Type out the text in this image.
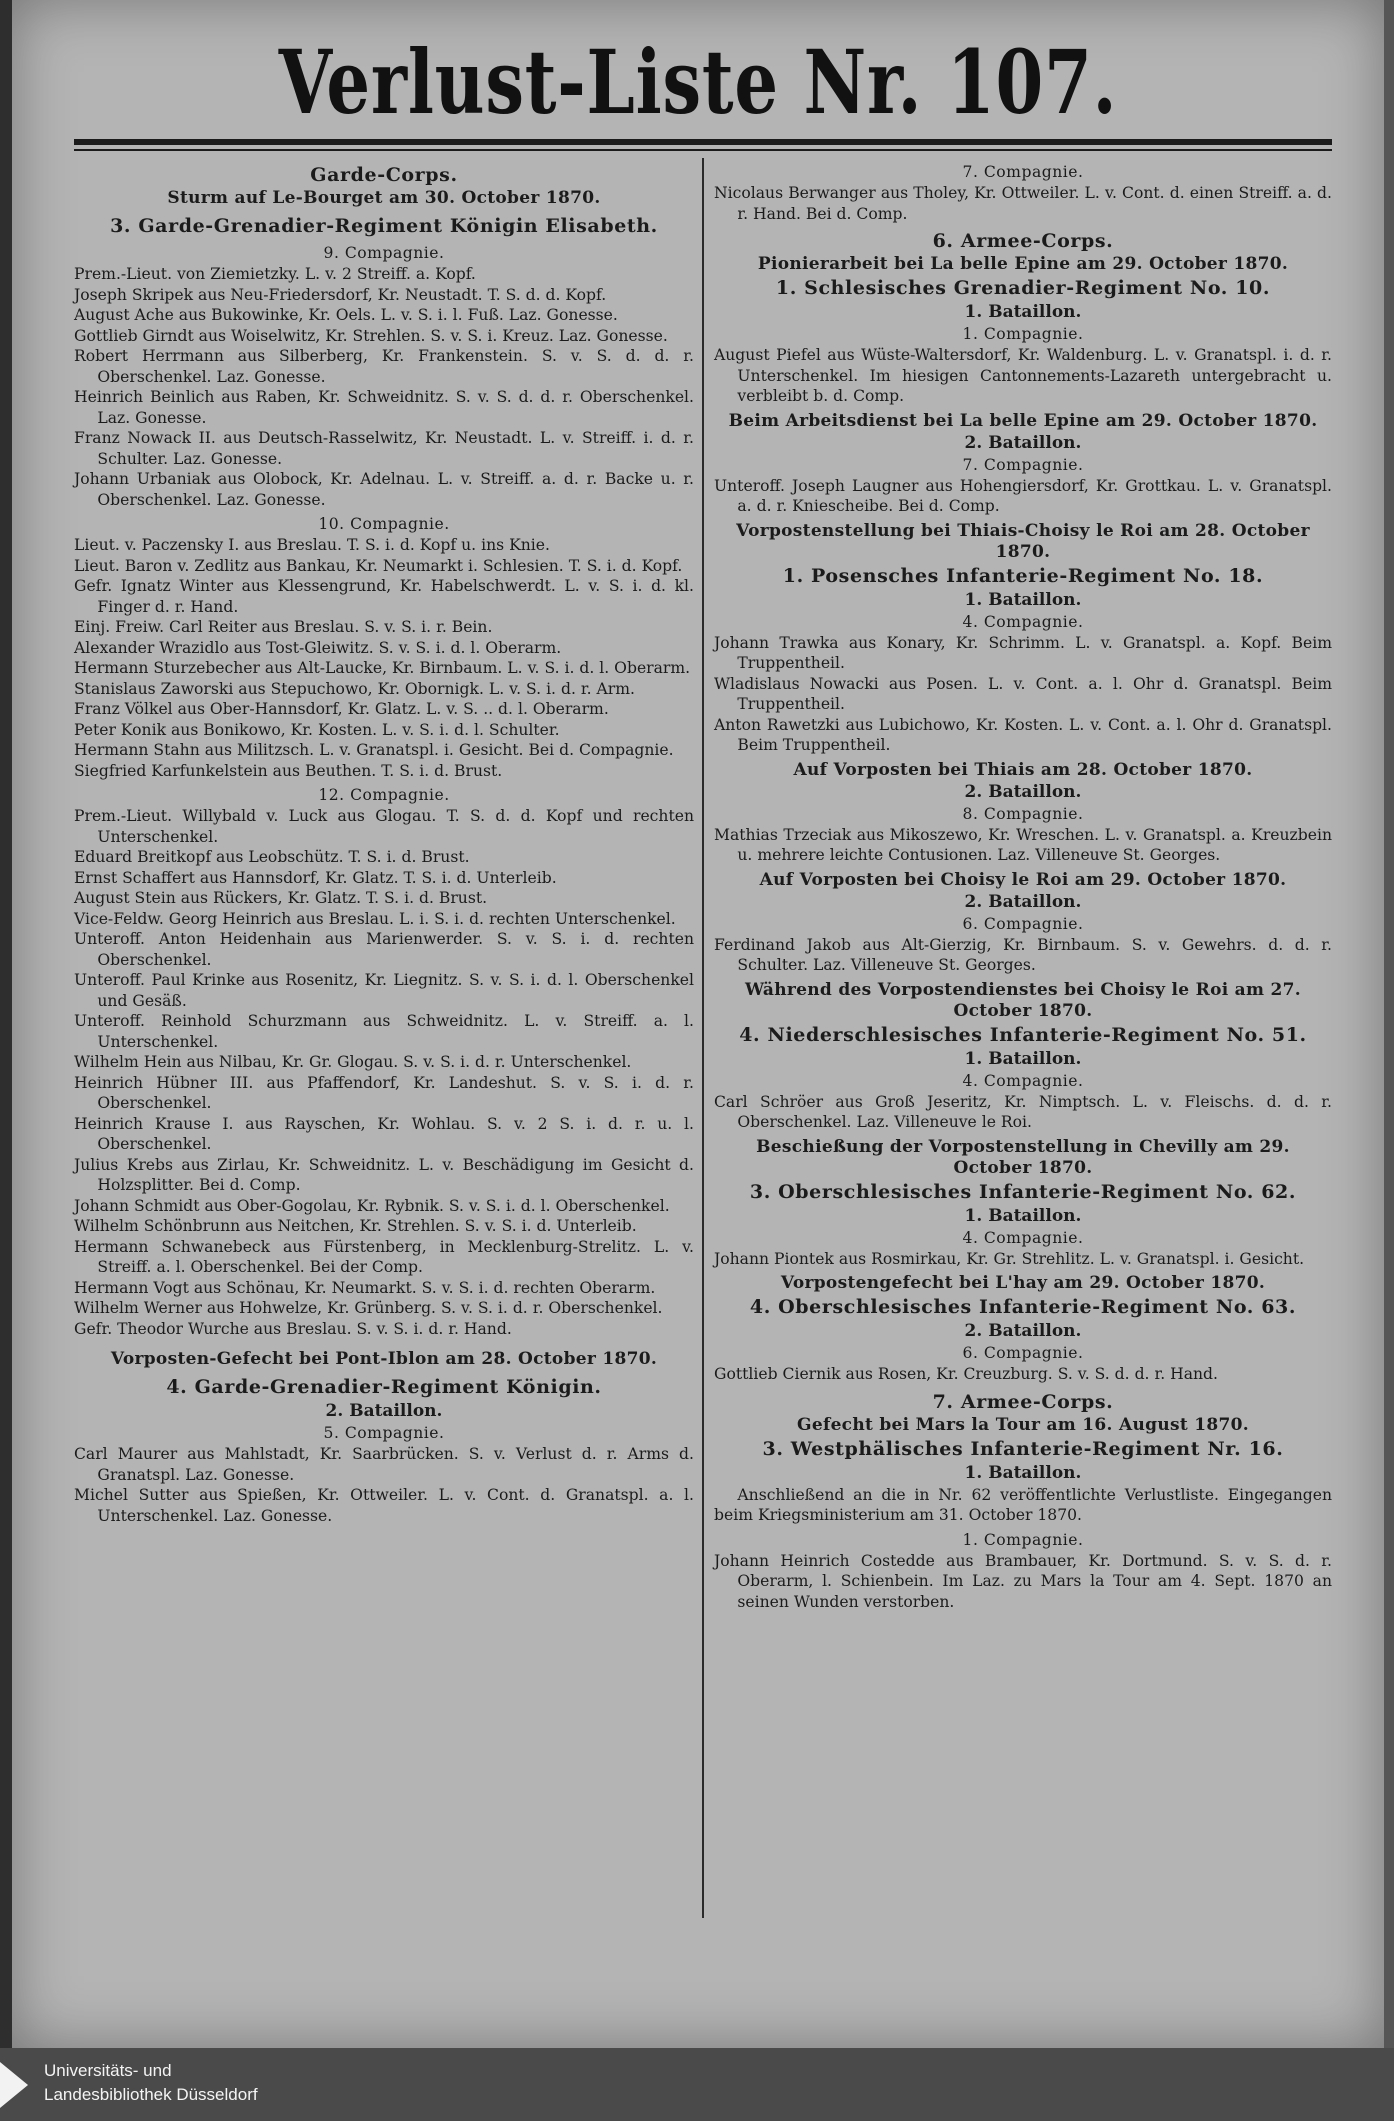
Verlust-Liste Nr. 107.
Garde-Corps.
Sturm auf Le-Bourget am 30. October 1870.
3. Garde-Grenadier-Regiment Königin Elisabeth.
9. Compagnie.
Prem.-Lieut. von Ziemietzky. L. v. 2 Streiff. a. Kopf.
Joseph Skripek aus Neu-Friedersdorf, Kr. Neustadt. T. S. d. d. Kopf.
August Ache aus Bukowinke, Kr. Oels. L. v. S. i. l. Fuß. Laz. Gonesse.
Gottlieb Girndt aus Woiselwitz, Kr. Strehlen. S. v. S. i. Kreuz. Laz. Gonesse.
Robert Herrmann aus Silberberg, Kr. Frankenstein. S. v. S. d. d. r. Oberschenkel. Laz. Gonesse.
Heinrich Beinlich aus Raben, Kr. Schweidnitz. S. v. S. d. d. r. Oberschenkel. Laz. Gonesse.
Franz Nowack II. aus Deutsch-Rasselwitz, Kr. Neustadt. L. v. Streiff. i. d. r. Schulter. Laz. Gonesse.
Johann Urbaniak aus Olobock, Kr. Adelnau. L. v. Streiff. a. d. r. Backe u. r. Oberschenkel. Laz. Gonesse.
10. Compagnie.
Lieut. v. Paczensky I. aus Breslau. T. S. i. d. Kopf u. ins Knie.
Lieut. Baron v. Zedlitz aus Bankau, Kr. Neumarkt i. Schlesien. T. S. i. d. Kopf.
Gefr. Ignatz Winter aus Klessengrund, Kr. Habelschwerdt. L. v. S. i. d. kl. Finger d. r. Hand.
Einj. Freiw. Carl Reiter aus Breslau. S. v. S. i. r. Bein.
Alexander Wrazidlo aus Tost-Gleiwitz. S. v. S. i. d. l. Oberarm.
Hermann Sturzebecher aus Alt-Laucke, Kr. Birnbaum. L. v. S. i. d. l. Oberarm.
Stanislaus Zaworski aus Stepuchowo, Kr. Obornigk. L. v. S. i. d. r. Arm.
Franz Völkel aus Ober-Hannsdorf, Kr. Glatz. L. v. S. .. d. l. Oberarm.
Peter Konik aus Bonikowo, Kr. Kosten. L. v. S. i. d. l. Schulter.
Hermann Stahn aus Militzsch. L. v. Granatspl. i. Gesicht. Bei d. Compagnie.
Siegfried Karfunkelstein aus Beuthen. T. S. i. d. Brust.
12. Compagnie.
Prem.-Lieut. Willybald v. Luck aus Glogau. T. S. d. d. Kopf und rechten Unterschenkel.
Eduard Breitkopf aus Leobschütz. T. S. i. d. Brust.
Ernst Schaffert aus Hannsdorf, Kr. Glatz. T. S. i. d. Unterleib.
August Stein aus Rückers, Kr. Glatz. T. S. i. d. Brust.
Vice-Feldw. Georg Heinrich aus Breslau. L. i. S. i. d. rechten Unterschenkel.
Unteroff. Anton Heidenhain aus Marienwerder. S. v. S. i. d. rechten Oberschenkel.
Unteroff. Paul Krinke aus Rosenitz, Kr. Liegnitz. S. v. S. i. d. l. Oberschenkel und Gesäß.
Unteroff. Reinhold Schurzmann aus Schweidnitz. L. v. Streiff. a. l. Unterschenkel.
Wilhelm Hein aus Nilbau, Kr. Gr. Glogau. S. v. S. i. d. r. Unterschenkel.
Heinrich Hübner III. aus Pfaffendorf, Kr. Landeshut. S. v. S. i. d. r. Oberschenkel.
Heinrich Krause I. aus Rayschen, Kr. Wohlau. S. v. 2 S. i. d. r. u. l. Oberschenkel.
Julius Krebs aus Zirlau, Kr. Schweidnitz. L. v. Beschädigung im Gesicht d. Holzsplitter. Bei d. Comp.
Johann Schmidt aus Ober-Gogolau, Kr. Rybnik. S. v. S. i. d. l. Oberschenkel.
Wilhelm Schönbrunn aus Neitchen, Kr. Strehlen. S. v. S. i. d. Unterleib.
Hermann Schwanebeck aus Fürstenberg, in Mecklenburg-Strelitz. L. v. Streiff. a. l. Oberschenkel. Bei der Comp.
Hermann Vogt aus Schönau, Kr. Neumarkt. S. v. S. i. d. rechten Oberarm.
Wilhelm Werner aus Hohwelze, Kr. Grünberg. S. v. S. i. d. r. Oberschenkel.
Gefr. Theodor Wurche aus Breslau. S. v. S. i. d. r. Hand.
Vorposten-Gefecht bei Pont-Iblon am 28. October 1870.
4. Garde-Grenadier-Regiment Königin.
2. Bataillon.
5. Compagnie.
Carl Maurer aus Mahlstadt, Kr. Saarbrücken. S. v. Verlust d. r. Arms d. Granatspl. Laz. Gonesse.
Michel Sutter aus Spießen, Kr. Ottweiler. L. v. Cont. d. Granatspl. a. l. Unterschenkel. Laz. Gonesse.
7. Compagnie.
Nicolaus Berwanger aus Tholey, Kr. Ottweiler. L. v. Cont. d. einen Streiff. a. d. r. Hand. Bei d. Comp.
6. Armee-Corps.
Pionierarbeit bei La belle Epine am 29. October 1870.
1. Schlesisches Grenadier-Regiment No. 10.
1. Bataillon.
1. Compagnie.
August Piefel aus Wüste-Waltersdorf, Kr. Waldenburg. L. v. Granatspl. i. d. r. Unterschenkel. Im hiesigen Cantonnements-Lazareth untergebracht u. verbleibt b. d. Comp.
Beim Arbeitsdienst bei La belle Epine am 29. October 1870.
2. Bataillon.
7. Compagnie.
Unteroff. Joseph Laugner aus Hohengiersdorf, Kr. Grottkau. L. v. Granatspl. a. d. r. Kniescheibe. Bei d. Comp.
Vorpostenstellung bei Thiais-Choisy le Roi am 28. October 1870.
1. Posensches Infanterie-Regiment No. 18.
1. Bataillon.
4. Compagnie.
Johann Trawka aus Konary, Kr. Schrimm. L. v. Granatspl. a. Kopf. Beim Truppentheil.
Wladislaus Nowacki aus Posen. L. v. Cont. a. l. Ohr d. Granatspl. Beim Truppentheil.
Anton Rawetzki aus Lubichowo, Kr. Kosten. L. v. Cont. a. l. Ohr d. Granatspl. Beim Truppentheil.
Auf Vorposten bei Thiais am 28. October 1870.
2. Bataillon.
8. Compagnie.
Mathias Trzeciak aus Mikoszewo, Kr. Wreschen. L. v. Granatspl. a. Kreuzbein u. mehrere leichte Contusionen. Laz. Villeneuve St. Georges.
Auf Vorposten bei Choisy le Roi am 29. October 1870.
2. Bataillon.
6. Compagnie.
Ferdinand Jakob aus Alt-Gierzig, Kr. Birnbaum. S. v. Gewehrs. d. d. r. Schulter. Laz. Villeneuve St. Georges.
Während des Vorpostendienstes bei Choisy le Roi am 27. October 1870.
4. Niederschlesisches Infanterie-Regiment No. 51.
1. Bataillon.
4. Compagnie.
Carl Schröer aus Groß Jeseritz, Kr. Nimptsch. L. v. Fleischs. d. d. r. Oberschenkel. Laz. Villeneuve le Roi.
Beschießung der Vorpostenstellung in Chevilly am 29. October 1870.
3. Oberschlesisches Infanterie-Regiment No. 62.
1. Bataillon.
4. Compagnie.
Johann Piontek aus Rosmirkau, Kr. Gr. Strehlitz. L. v. Granatspl. i. Gesicht.
Vorpostengefecht bei L'hay am 29. October 1870.
4. Oberschlesisches Infanterie-Regiment No. 63.
2. Bataillon.
6. Compagnie.
Gottlieb Ciernik aus Rosen, Kr. Creuzburg. S. v. S. d. d. r. Hand.
7. Armee-Corps.
Gefecht bei Mars la Tour am 16. August 1870.
3. Westphälisches Infanterie-Regiment Nr. 16.
1. Bataillon.
Anschließend an die in Nr. 62 veröffentlichte Verlustliste. Eingegangen beim Kriegsministerium am 31. October 1870.
1. Compagnie.
Johann Heinrich Costedde aus Brambauer, Kr. Dortmund. S. v. S. d. r. Oberarm, l. Schienbein. Im Laz. zu Mars la Tour am 4. Sept. 1870 an seinen Wunden verstorben.
Universitäts- und
Landesbibliothek Düsseldorf
